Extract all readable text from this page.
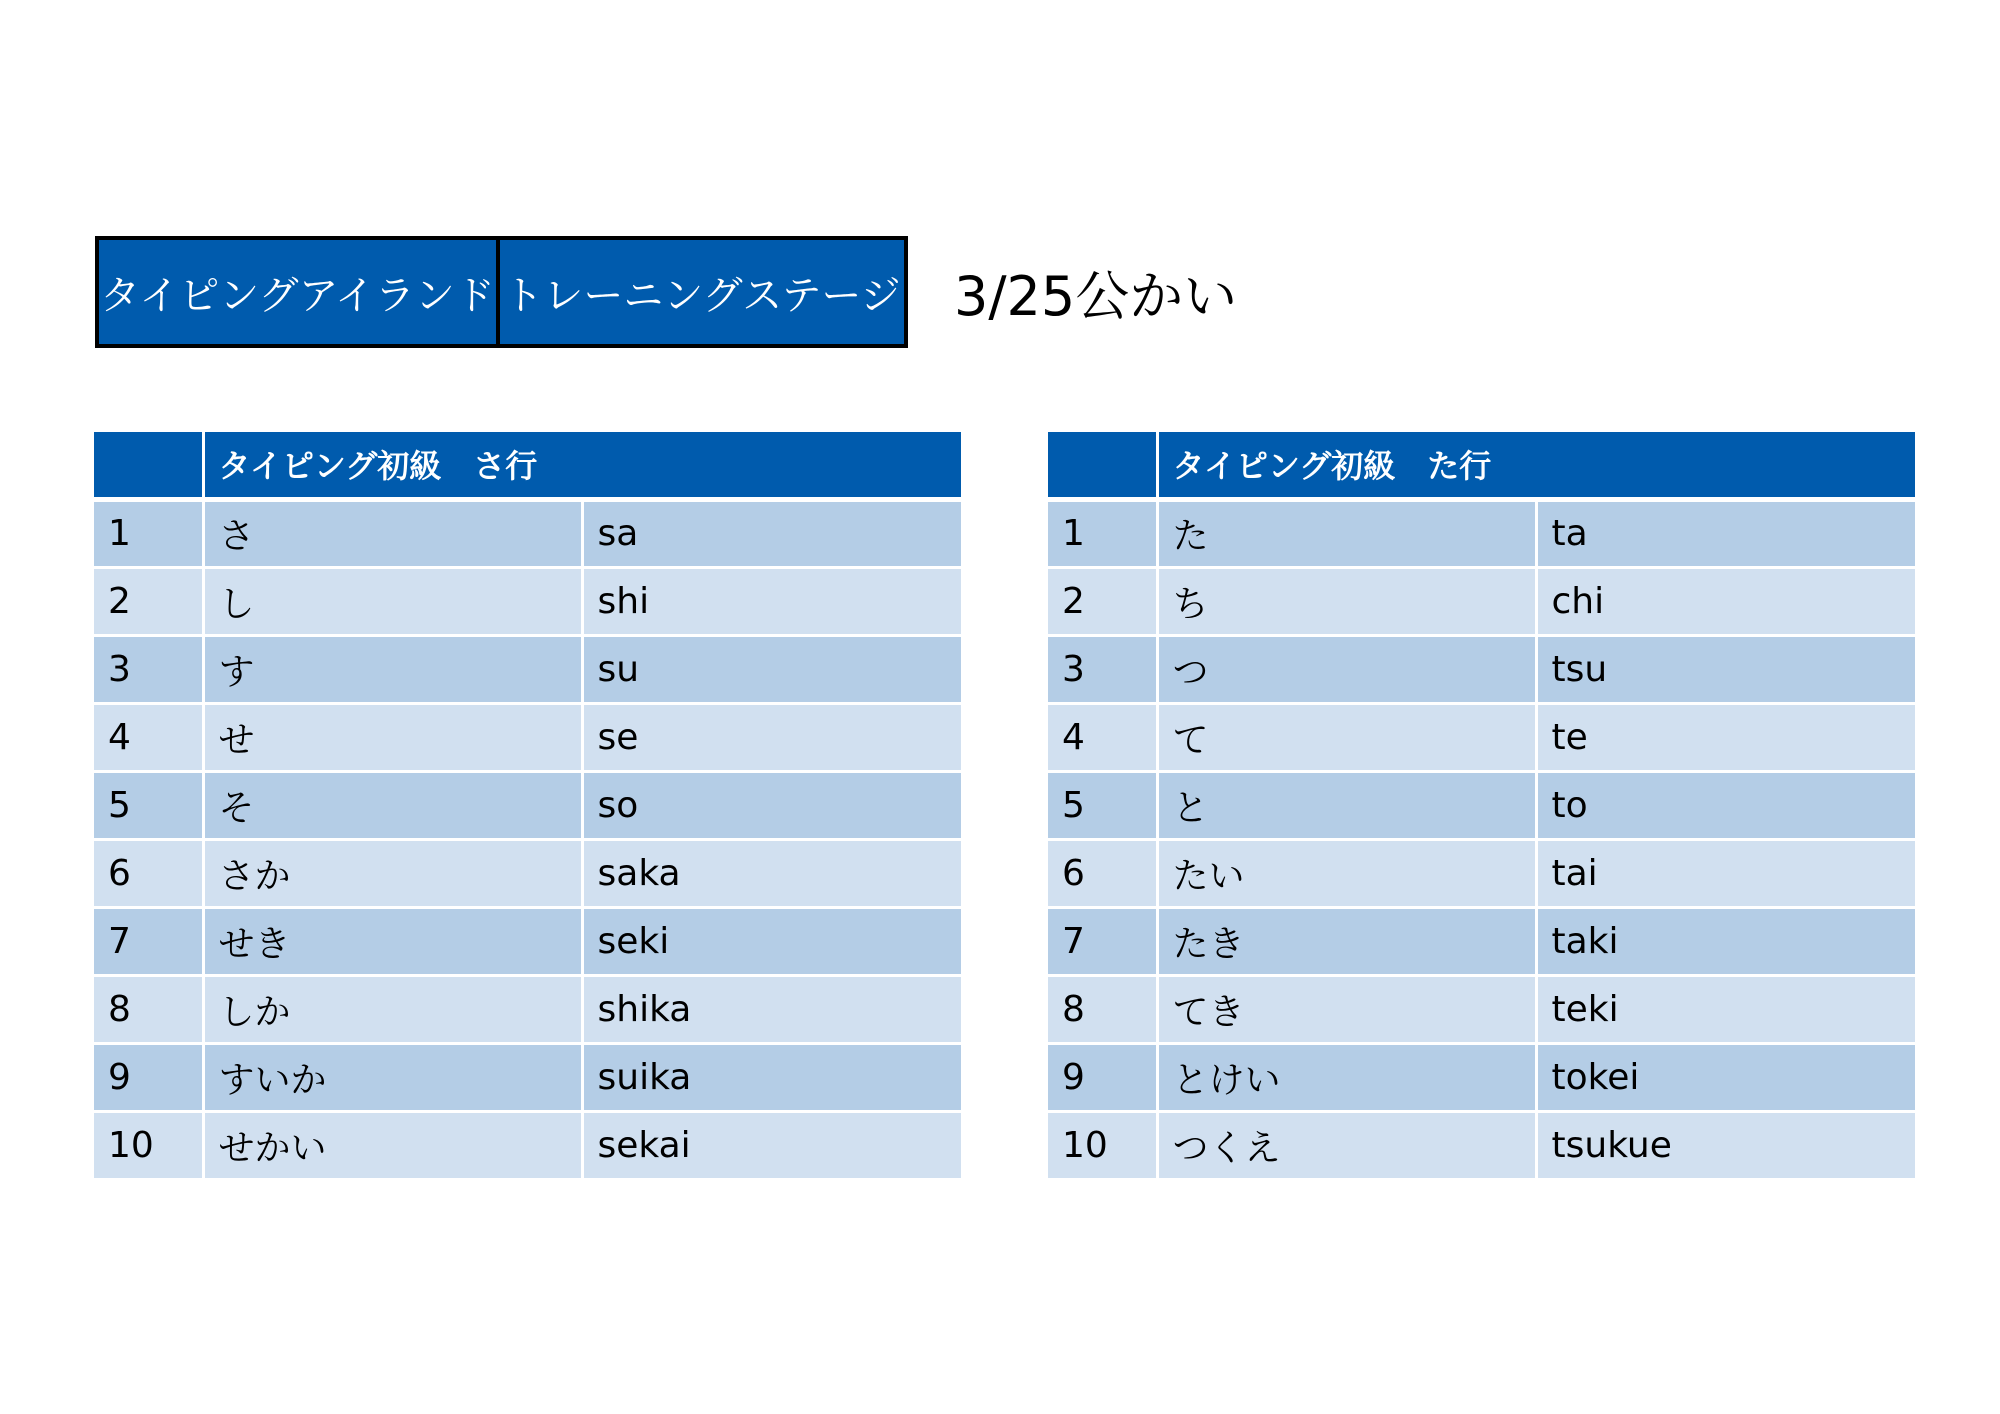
タイピングアイランド トレーニングステージ 3/25公かい
	タイピング初級　さ行	
1	さ	sa
2	し	shi
3	す	su
4	せ	se
5	そ	so
6	さか	saka
7	せき	seki
8	しか	shika
9	すいか	suika
10	せかい	sekai
	タイピング初級　た行	
1	た	ta
2	ち	chi
3	つ	tsu
4	て	te
5	と	to
6	たい	tai
7	たき	taki
8	てき	teki
9	とけい	tokei
10	つくえ	tsukue
